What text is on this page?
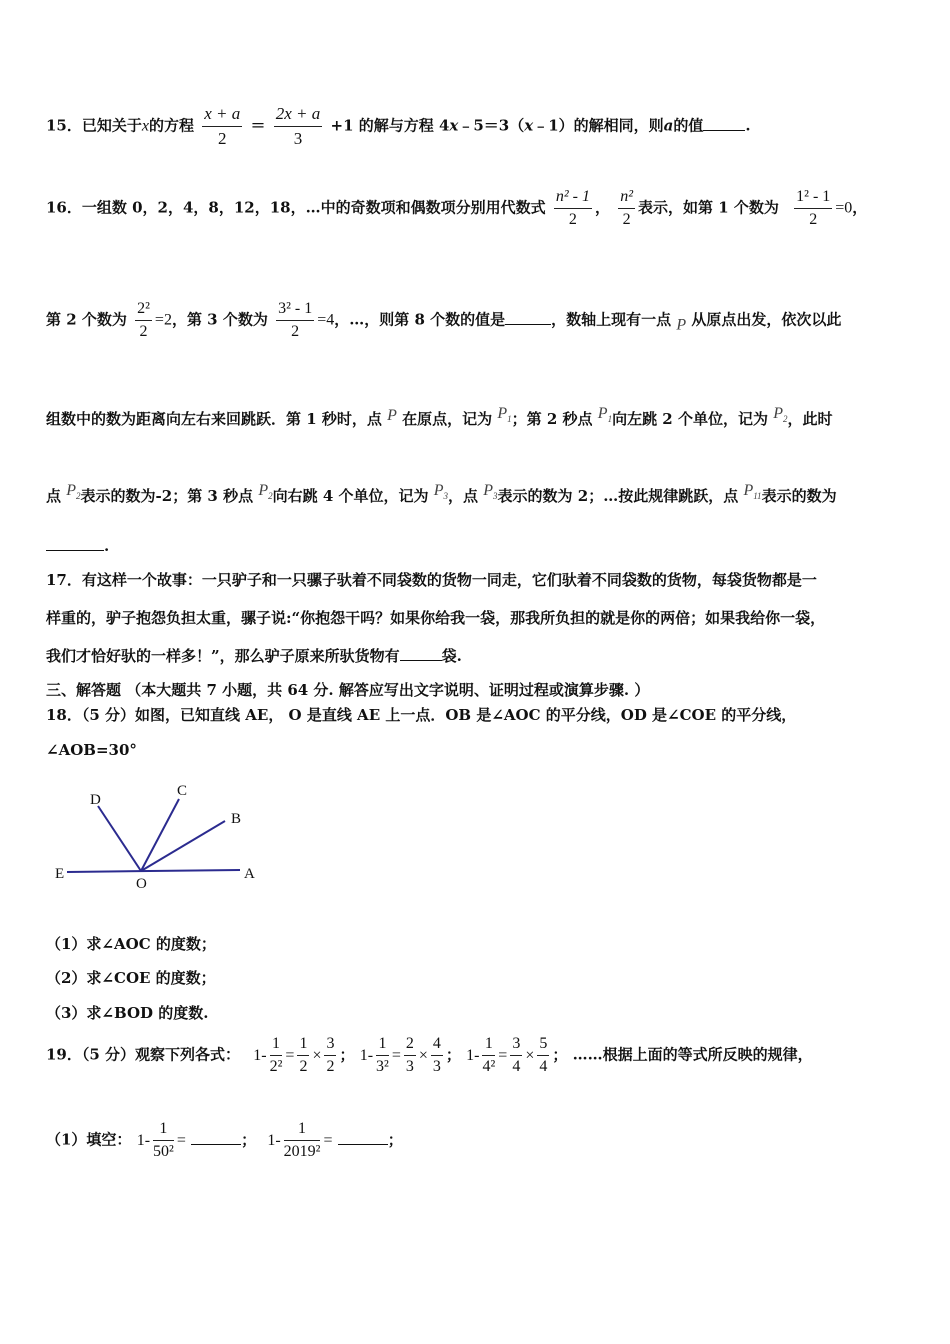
15．已知关于x的方程 $\frac{x + a}{2} = \frac{2x + a}{3} +1$ 的解与方程 4x﹣5＝3（x﹣1）的解相同，则a的值	.
16．一组数 0，2，4，8，12，18，…中的奇数项和偶数项分别用代数式 $\frac{\text{n² - 1}}{2}$ ， $\frac{\text{n²}}{2}$ 表示，如第 1 个数为 $\frac{\text{1² - 1}}{2} =0$，
第 2 个数为 $\frac{\text{2²}}{2} =2$，第 3 个数为 $\frac{\text{3² - 1}}{2} =4$，…，则第 8 个数的值是	，数轴上现有一点 P 从原点出发，依次以此
组数中的数为距离向左右来回跳跃．第 1 秒时，点 P 在原点，记为 $P_1$；第 2 秒点 $P_1$向左跳 2 个单位，记为 $P_2$，此时
点 $P_2$表示的数为-2；第 3 秒点 $P_2$向右跳 4 个单位，记为 $P_3$，点 $P_3$表示的数为 2；…按此规律跳跃，点 $P_{11}$表示的数为
.
17．有这样一个故事：一只驴子和一只骡子驮着不同袋数的货物一同走，它们驮着不同袋数的货物，每袋货物都是一
样重的，驴子抱怨负担太重，骡子说:“你抱怨干吗？如果你给我一袋，那我所负担的就是你的两倍；如果我给你一袋，
我们才恰好驮的一样多！”，那么驴子原来所驮货物有	袋.
三、解答题 （本大题共 7 小题，共 64 分. 解答应写出文字说明、证明过程或演算步骤. ）
18．（5 分）如图，已知直线 AE， O 是直线 AE 上一点．OB 是∠AOC 的平分线，OD 是∠COE 的平分线，
∠AOB=30°
D
C
B
E
O
A
（1）求∠AOC 的度数；
（2）求∠COE 的度数；
（3）求∠BOD 的度数.
19．（5 分）观察下列各式： $1- \frac{1}{\text{2²}} = \frac{1}{2} \times \frac{3}{2}$ ； $1- \frac{1}{\text{3²}} = \frac{2}{3} \times \frac{4}{3}$ ； $1- \frac{1}{\text{4²}} = \frac{3}{4} \times \frac{5}{4}$ ； ……根据上面的等式所反映的规律，
（1）填空： $1- \frac{1}{\text{50²}}$ =	； $1- \frac{1}{\text{2019²}}$ =	；
